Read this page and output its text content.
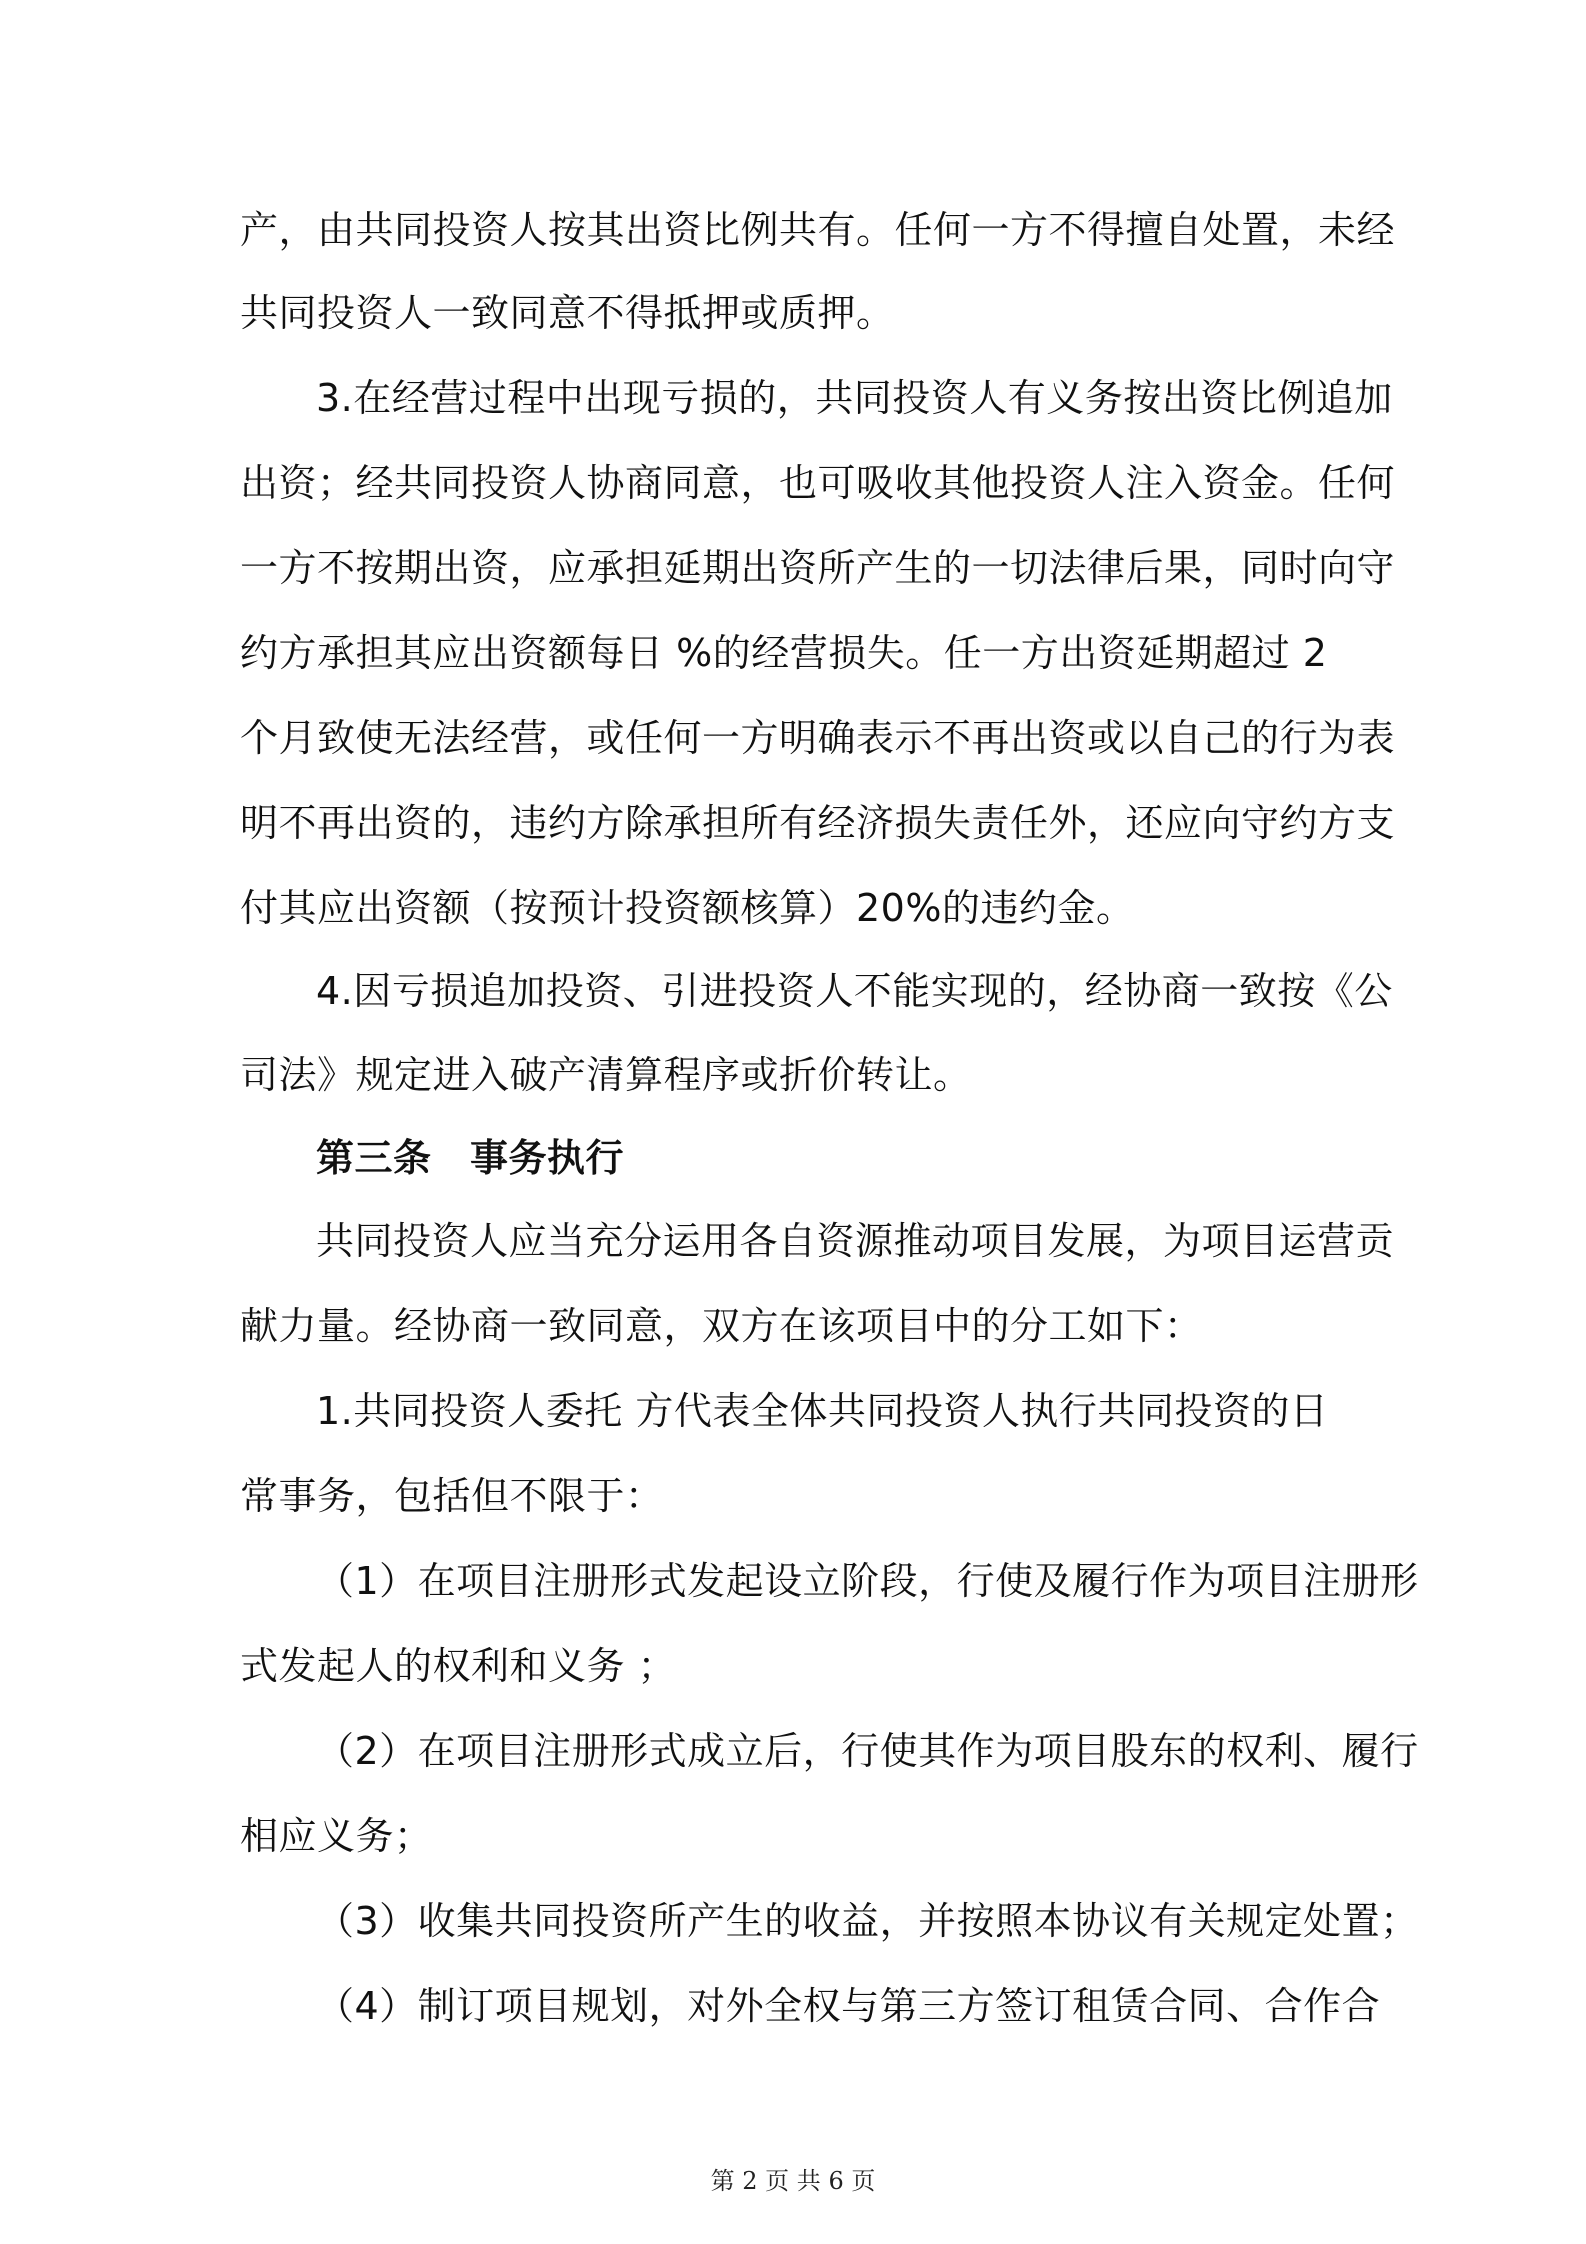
产，由共同投资人按其出资比例共有。任何一方不得擅自处置，未经
共同投资人一致同意不得抵押或质押。
3.在经营过程中出现亏损的，共同投资人有义务按出资比例追加
出资；经共同投资人协商同意，也可吸收其他投资人注入资金。任何
一方不按期出资，应承担延期出资所产生的一切法律后果，同时向守
约方承担其应出资额每日 %的经营损失。任一方出资延期超过 2
个月致使无法经营，或任何一方明确表示不再出资或以自己的行为表
明不再出资的，违约方除承担所有经济损失责任外，还应向守约方支
付其应出资额（按预计投资额核算）20%的违约金。
4.因亏损追加投资、引进投资人不能实现的，经协商一致按《公
司法》规定进入破产清算程序或折价转让。
第三条　事务执行
共同投资人应当充分运用各自资源推动项目发展，为项目运营贡
献力量。经协商一致同意，双方在该项目中的分工如下：
1.共同投资人委托 方代表全体共同投资人执行共同投资的日
常事务，包括但不限于：
（1）在项目注册形式发起设立阶段，行使及履行作为项目注册形
式发起人的权利和义务 ；
（2）在项目注册形式成立后，行使其作为项目股东的权利、履行
相应义务；
（3）收集共同投资所产生的收益，并按照本协议有关规定处置；
（4）制订项目规划，对外全权与第三方签订租赁合同、合作合
第 2 页 共 6 页
